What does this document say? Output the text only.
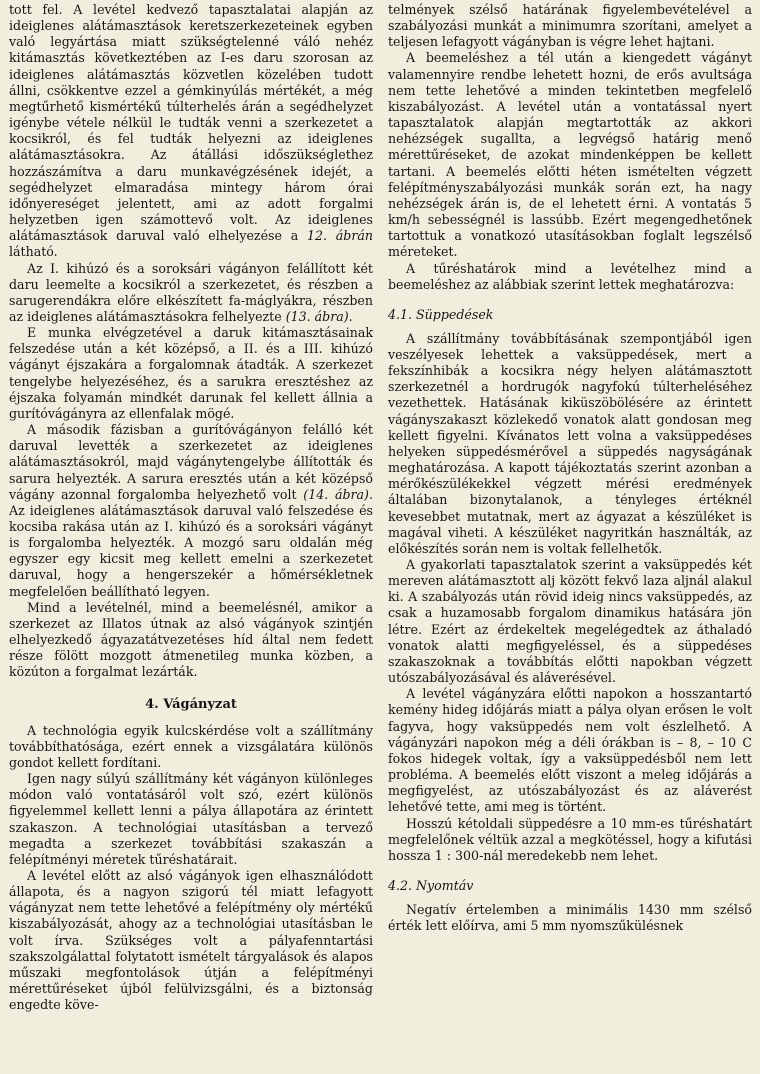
tott fel. A levétel kedvező tapasztalatai alapján az ideiglenes alátámasztások keretszerkezeteinek egyben való legyártása miatt szükségtelenné váló nehéz kitámasztás következtében az I-es daru szorosan az ideiglenes alátámasztás közvetlen közelében tudott állni, csökkentve ezzel a gémkinyúlás mértékét, a még megtűrhető kismértékű túlterhelés árán a segédhelyzet igénybe vétele nélkül le tudták venni a szerkezetet a kocsikról, és fel tudták helyezni az ideiglenes alátámasztásokra. Az átállási időszükséglethez hozzászámítva a daru munkavégzésének idejét, a segédhelyzet elmaradása mintegy három órai időnyereséget jelentett, ami az adott forgalmi helyzetben igen számottevő volt. Az ideiglenes alátámasztások daruval való elhelyezése a 12. ábrán látható.

Az I. kihúzó és a soroksári vágányon felállított két daru leemelte a kocsikról a szerkezetet, és részben a sarugerendákra előre elkészített fa-máglyákra, részben az ideiglenes alátámasztásokra felhelyezte (13. ábra).

E munka elvégzetével a daruk kitámasztásainak felszedése után a két középső, a II. és a III. kihúzó vágányt éjszakára a forgalomnak átadták. A szerkezet tengelybe helyezéséhez, és a sarukra eresztéshez az éjszaka folyamán mindkét darunak fel kellett állnia a gurítóvágányra az ellenfalak mögé.

A második fázisban a gurítóvágányon felálló két daruval levették a szerkezetet az ideiglenes alátámasztásokról, majd vágánytengelybe állították és sarura helyezték. A sarura eresztés után a két középső vágány azonnal forgalomba helyezhető volt (14. ábra). Az ideiglenes alátámasztások daruval való felszedése és kocsiba rakása után az I. kihúzó és a soroksári vágányt is forgalomba helyezték. A mozgó saru oldalán még egyszer egy kicsit meg kellett emelni a szerkezetet daruval, hogy a hengerszekér a hőmérsékletnek megfelelően beállítható legyen.

Mind a levételnél, mind a beemelésnél, amikor a szerkezet az Illatos útnak az alsó vágányok szintjén elhelyezkedő ágyazatátvezetéses híd által nem fedett része fölött mozgott átmenetileg munka közben, a közúton a forgalmat lezárták.

4. Vágányzat

A technológia egyik kulcskérdése volt a szállítmány továbbíthatósága, ezért ennek a vizsgálatára különös gondot kellett fordítani.

Igen nagy súlyú szállítmány két vágányon különleges módon való vontatásáról volt szó, ezért különös figyelemmel kellett lenni a pálya állapotára az érintett szakaszon. A technológiai utasításban a tervező megadta a szerkezet továbbítási szakaszán a felépítményi méretek tűréshatárait.

A levétel előtt az alsó vágányok igen elhasználódott állapota, és a nagyon szigorú tél miatt lefagyott vágányzat nem tette lehetővé a felépítmény oly mértékű kiszabályozását, ahogy az a technológiai utasításban le volt írva. Szükséges volt a pályafenntartási szakszolgálattal folytatott ismételt tárgyalások és alapos műszaki megfontolások útján a felépítményi mérettűréseket újból felülvizsgálni, és a biztonság engedte köve-

telmények szélső határának figyelembevételével a szabályozási munkát a minimumra szorítani, amelyet a teljesen lefagyott vágányban is végre lehet hajtani.

A beemeléshez a tél után a kiengedett vágányt valamennyire rendbe lehetett hozni, de erős avultsága nem tette lehetővé a minden tekintetben megfelelő kiszabályozást. A levétel után a vontatással nyert tapasztalatok alapján megtartották az akkori nehézségek sugallta, a legvégső határig menő mérettűréseket, de azokat mindenképpen be kellett tartani. A beemelés előtti héten ismételten végzett felépítményszabályozási munkák során ezt, ha nagy nehézségek árán is, de el lehetett érni. A vontatás 5 km/h sebességnél is lassúbb. Ezért megengedhetőnek tartottuk a vonatkozó utasításokban foglalt legszélső méreteket.

A tűréshatárok mind a levételhez mind a beemeléshez az alábbiak szerint lettek meghatározva:

4.1. Süppedések

A szállítmány továbbításának szempontjából igen veszélyesek lehettek a vaksüppedések, mert a fekszínhibák a kocsikra négy helyen alátámasztott szerkezetnél a hordrugók nagyfokú túlterheléséhez vezethettek. Hatásának kiküszöbölésére az érintett vágányszakaszt közlekedő vonatok alatt gondosan meg kellett figyelni. Kívánatos lett volna a vaksüppedéses helyeken süppedésmérővel a süppedés nagyságának meghatározása. A kapott tájékoztatás szerint azonban a mérőkészülékekkel végzett mérési eredmények általában bizonytalanok, a tényleges értéknél kevesebbet mutatnak, mert az ágyazat a készüléket is magával viheti. A készüléket nagyritkán használták, az előkészítés során nem is voltak fellelhetők.

A gyakorlati tapasztalatok szerint a vaksüppedés két mereven alátámasztott alj között fekvő laza aljnál alakul ki. A szabályozás után rövid ideig nincs vaksüppedés, az csak a huzamosabb forgalom dinamikus hatására jön létre. Ezért az érdekeltek megelégedtek az áthaladó vonatok alatti megfigyeléssel, és a süppedéses szakaszoknak a továbbítás előtti napokban végzett utószabályozásával és aláverésével.

A levétel vágányzára előtti napokon a hosszantartó kemény hideg időjárás miatt a pálya olyan erősen le volt fagyva, hogy vaksüppedés nem volt észlelhető. A vágányzári napokon még a déli órákban is – 8, – 10 C fokos hidegek voltak, így a vaksüppedésből nem lett probléma. A beemelés előtt viszont a meleg időjárás a megfigyelést, az utószabályozást és az aláverést lehetővé tette, ami meg is történt.

Hosszú kétoldali süppedésre a 10 mm-es tűréshatárt megfelelőnek véltük azzal a megkötéssel, hogy a kifutási hossza 1 : 300-nál meredekebb nem lehet.

4.2. Nyomtáv

Negatív értelemben a minimális 1430 mm szélső érték lett előírva, ami 5 mm nyomszűkülésnek
